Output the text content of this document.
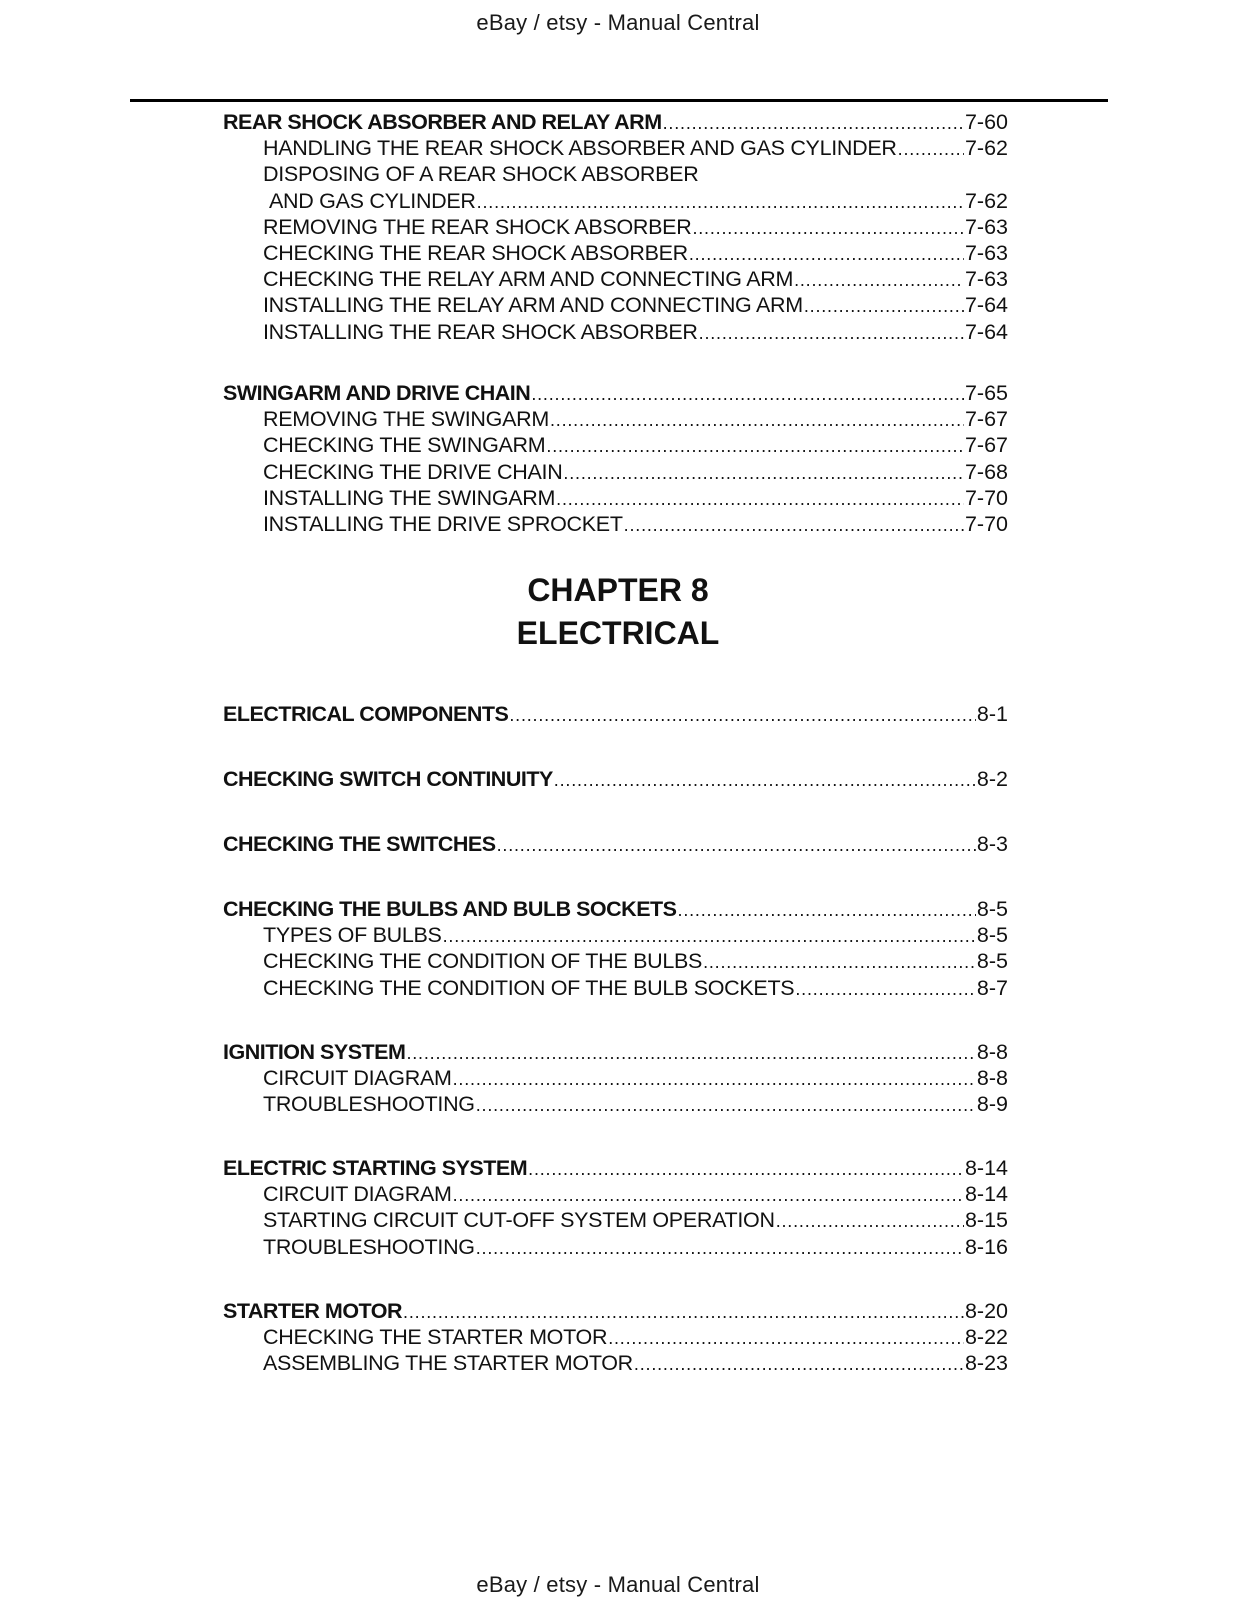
eBay / etsy - Manual Central
REAR SHOCK ABSORBER AND RELAY ARM . . .	7-60
HANDLING THE REAR SHOCK ABSORBER AND GAS CYLINDER . . .	7-62
DISPOSING OF A REAR SHOCK ABSORBER
AND GAS CYLINDER . . .	7-62
REMOVING THE REAR SHOCK ABSORBER . . .	7-63
CHECKING THE REAR SHOCK ABSORBER . . .	7-63
CHECKING THE RELAY ARM AND CONNECTING ARM . . .	7-63
INSTALLING THE RELAY ARM AND CONNECTING ARM . . .	7-64
INSTALLING THE REAR SHOCK ABSORBER . . .	7-64
SWINGARM AND DRIVE CHAIN . . .	7-65
REMOVING THE SWINGARM . . .	7-67
CHECKING THE SWINGARM . . .	7-67
CHECKING THE DRIVE CHAIN . . .	7-68
INSTALLING THE SWINGARM . . .	7-70
INSTALLING THE DRIVE SPROCKET . . .	7-70
CHAPTER 8
ELECTRICAL
ELECTRICAL COMPONENTS . . .	8-1
CHECKING SWITCH CONTINUITY . . .	8-2
CHECKING THE SWITCHES . . .	8-3
CHECKING THE BULBS AND BULB SOCKETS . . .	8-5
TYPES OF BULBS . . .	8-5
CHECKING THE CONDITION OF THE BULBS . . .	8-5
CHECKING THE CONDITION OF THE BULB SOCKETS . . .	8-7
IGNITION SYSTEM . . .	8-8
CIRCUIT DIAGRAM . . .	8-8
TROUBLESHOOTING . . .	8-9
ELECTRIC STARTING SYSTEM . . .	8-14
CIRCUIT DIAGRAM . . .	8-14
STARTING CIRCUIT CUT-OFF SYSTEM OPERATION . . .	8-15
TROUBLESHOOTING . . .	8-16
STARTER MOTOR . . .	8-20
CHECKING THE STARTER MOTOR . . .	8-22
ASSEMBLING THE STARTER MOTOR . . .	8-23
eBay / etsy - Manual Central
